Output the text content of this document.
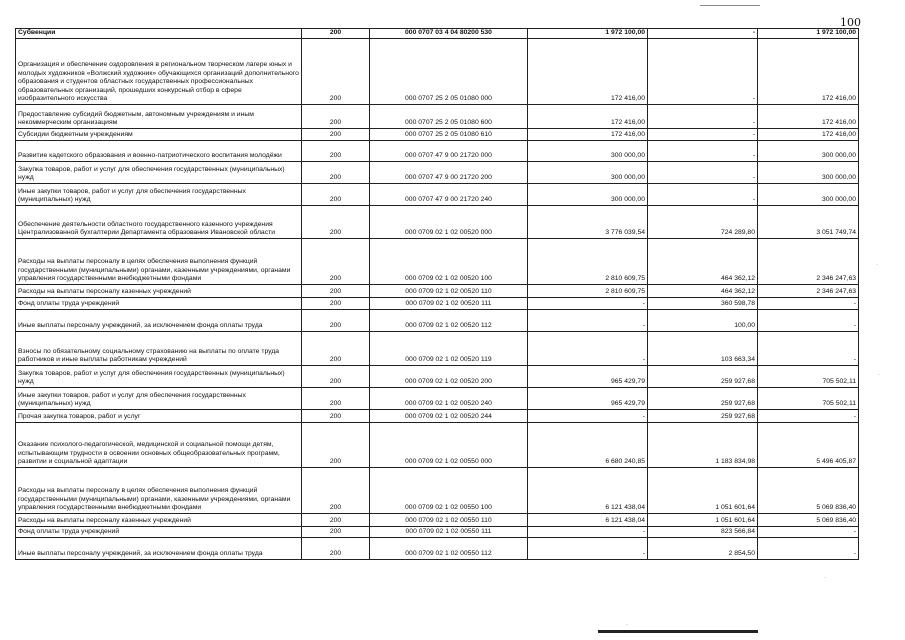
100
Субвенции	200	000 0707 03 4 04 80200 530	1 972 100,00	-	1 972 100,00

Организация и обеспечение оздоровления в региональном творческом лагере юных и молодых художников «Волжский художник» обучающихся организаций дополнительного образования и студентов областных государственных профессиональных образовательных организаций, прошедших конкурсный отбор в сфере изобразительного искусства	200	000 0707 25 2 05 01080 000	172 416,00	-	172 416,00

Предоставление субсидий бюджетным, автономным учреждениям и иным некоммерческим организациям	200	000 0707 25 2 05 01080 600	172 416,00	-	172 416,00

Субсидии бюджетным учреждениям	200	000 0707 25 2 05 01080 610	172 416,00	-	172 416,00

Развитие кадетского образования и военно-патриотического воспитания молодёжи	200	000 0707 47 9 00 21720 000	300 000,00	-	300 000,00

Закупка товаров, работ и услуг для обеспечения государственных (муниципальных) нужд	200	000 0707 47 9 00 21720 200	300 000,00	-	300 000,00

Иные закупки товаров, работ и услуг для обеспечения государственных (муниципальных) нужд	200	000 0707 47 9 00 21720 240	300 000,00	-	300 000,00

Обеспечение деятельности областного государственного казенного учреждения Централизованной бухгалтерии Департамента образования Ивановской области	200	000 0709 02 1 02 00520 000	3 776 039,54	724 289,80	3 051 749,74

Расходы на выплаты персоналу в целях обеспечения выполнения функций государственными (муниципальными) органами, казенными учреждениями, органами управления государственными внебюджетными фондами	200	000 0709 02 1 02 00520 100	2 810 609,75	464 362,12	2 346 247,63

Расходы на выплаты персоналу казенных учреждений	200	000 0709 02 1 02 00520 110	2 810 609,75	464 362,12	2 346 247,63

Фонд оплаты труда учреждений	200	000 0709 02 1 02 00520 111	-	360 598,78	-

Иные выплаты персоналу учреждений, за исключением фонда оплаты труда	200	000 0709 02 1 02 00520 112	-	100,00	-

Взносы по обязательному социальному страхованию на выплаты по оплате труда работников и иные выплаты работникам учреждений	200	000 0709 02 1 02 00520 119	-	103 663,34	-

Закупка товаров, работ и услуг для обеспечения государственных (муниципальных) нужд	200	000 0709 02 1 02 00520 200	965 429,79	259 927,68	705 502,11

Иные закупки товаров, работ и услуг для обеспечения государственных (муниципальных) нужд	200	000 0709 02 1 02 00520 240	965 429,79	259 927,68	705 502,11

Прочая закупка товаров, работ и услуг	200	000 0709 02 1 02 00520 244	-	259 927,68	-

Оказание психолого-педагогической, медицинской и социальной помощи детям, испытывающим трудности в освоении основных общеобразовательных программ, развитии и социальной адаптации	200	000 0709 02 1 02 00550 000	6 680 240,85	1 183 834,98	5 496 405,87

Расходы на выплаты персоналу в целях обеспечения выполнения функций государственными (муниципальными) органами, казенными учреждениями, органами управления государственными внебюджетными фондами	200	000 0709 02 1 02 00550 100	6 121 438,04	1 051 601,64	5 069 836,40

Расходы на выплаты персоналу казенных учреждений	200	000 0709 02 1 02 00550 110	6 121 438,04	1 051 601,64	5 069 836,40

Фонд оплаты труда учреждений	200	000 0709 02 1 02 00550 111	-	823 566,84	-

Иные выплаты персоналу учреждений, за исключением фонда оплаты труда	200	000 0709 02 1 02 00550 112	-	2 854,50	-
·
·
·
·
